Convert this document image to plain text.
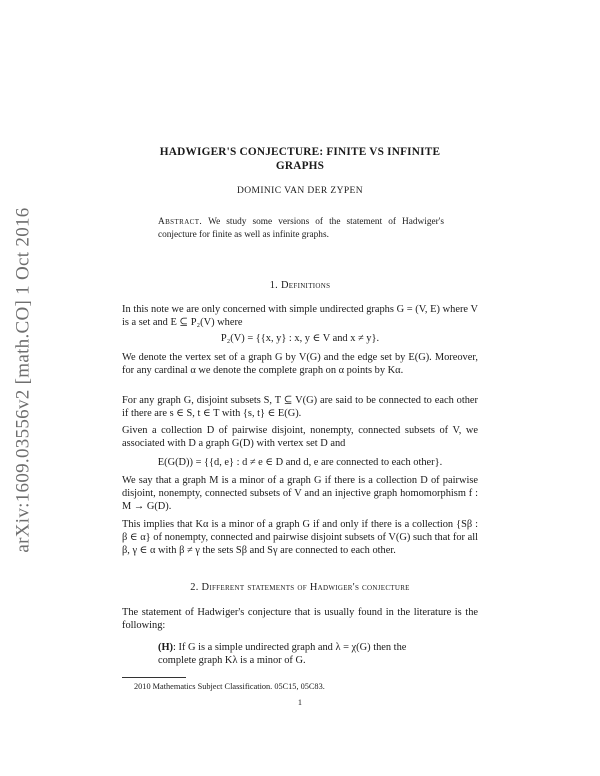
arXiv:1609.03556v2 [math.CO] 1 Oct 2016
HADWIGER'S CONJECTURE: FINITE VS INFINITE
GRAPHS
DOMINIC VAN DER ZYPEN
Abstract. We study some versions of the statement of Hadwiger's conjecture for finite as well as infinite graphs.
1. Definitions
In this note we are only concerned with simple undirected graphs G = (V, E) where V is a set and E ⊆ P₂(V) where
P₂(V) = {{x, y} : x, y ∈ V and x ≠ y}.
We denote the vertex set of a graph G by V(G) and the edge set by E(G). Moreover, for any cardinal α we denote the complete graph on α points by Kα.
For any graph G, disjoint subsets S, T ⊆ V(G) are said to be connected to each other if there are s ∈ S, t ∈ T with {s, t} ∈ E(G).
Given a collection D of pairwise disjoint, nonempty, connected subsets of V, we associated with D a graph G(D) with vertex set D and
E(G(D)) = {{d, e} : d ≠ e ∈ D and d, e are connected to each other}.
We say that a graph M is a minor of a graph G if there is a collection D of pairwise disjoint, nonempty, connected subsets of V and an injective graph homomorphism f : M → G(D).
This implies that Kα is a minor of a graph G if and only if there is a collection {Sβ : β ∈ α} of nonempty, connected and pairwise disjoint subsets of V(G) such that for all β, γ ∈ α with β ≠ γ the sets Sβ and Sγ are connected to each other.
2. Different statements of Hadwiger's conjecture
The statement of Hadwiger's conjecture that is usually found in the literature is the following:
(H): If G is a simple undirected graph and λ = χ(G) then the complete graph Kλ is a minor of G.
2010 Mathematics Subject Classification. 05C15, 05C83.
1
